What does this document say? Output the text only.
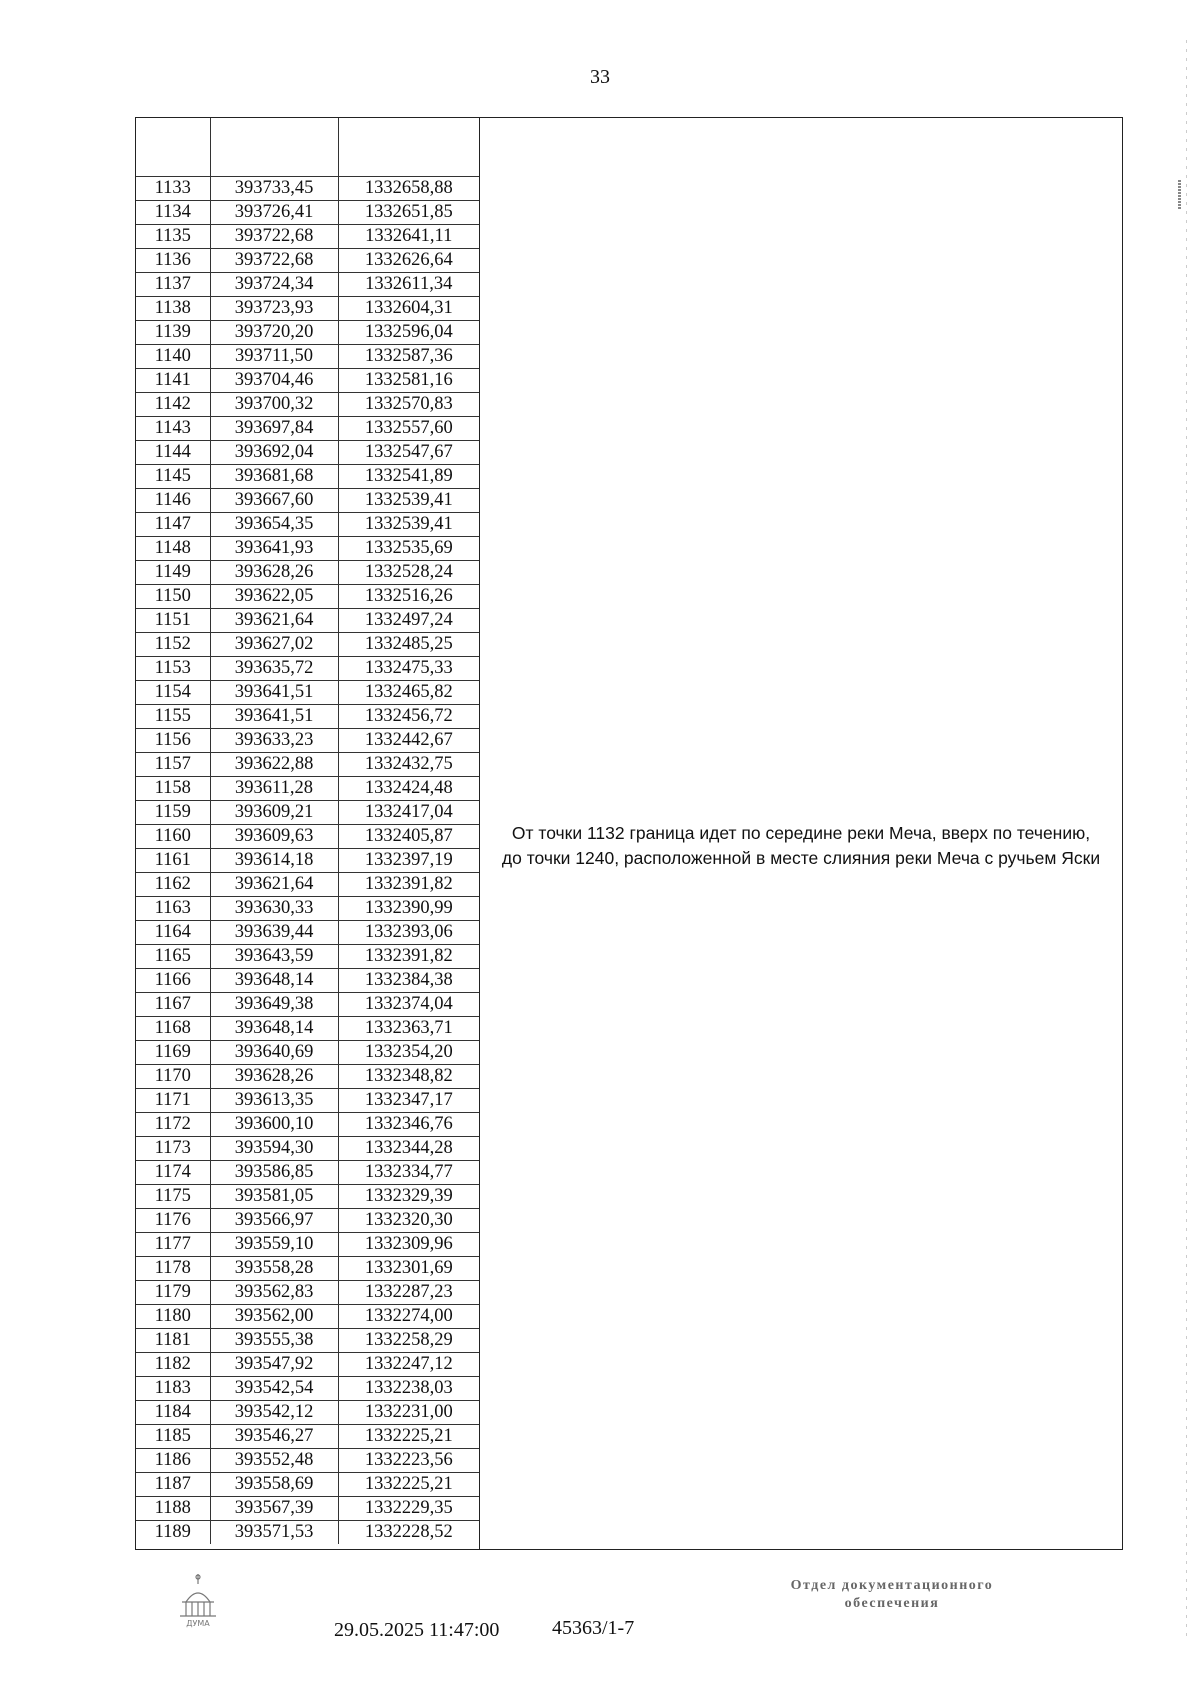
33

1133	393733,45	1332658,88
1134	393726,41	1332651,85
1135	393722,68	1332641,11
1136	393722,68	1332626,64
1137	393724,34	1332611,34
1138	393723,93	1332604,31
1139	393720,20	1332596,04
1140	393711,50	1332587,36
1141	393704,46	1332581,16
1142	393700,32	1332570,83
1143	393697,84	1332557,60
1144	393692,04	1332547,67
1145	393681,68	1332541,89
1146	393667,60	1332539,41
1147	393654,35	1332539,41
1148	393641,93	1332535,69
1149	393628,26	1332528,24
1150	393622,05	1332516,26
1151	393621,64	1332497,24
1152	393627,02	1332485,25
1153	393635,72	1332475,33
1154	393641,51	1332465,82
1155	393641,51	1332456,72
1156	393633,23	1332442,67
1157	393622,88	1332432,75
1158	393611,28	1332424,48
1159	393609,21	1332417,04
1160	393609,63	1332405,87
1161	393614,18	1332397,19
1162	393621,64	1332391,82
1163	393630,33	1332390,99
1164	393639,44	1332393,06
1165	393643,59	1332391,82
1166	393648,14	1332384,38
1167	393649,38	1332374,04
1168	393648,14	1332363,71
1169	393640,69	1332354,20
1170	393628,26	1332348,82
1171	393613,35	1332347,17
1172	393600,10	1332346,76
1173	393594,30	1332344,28
1174	393586,85	1332334,77
1175	393581,05	1332329,39
1176	393566,97	1332320,30
1177	393559,10	1332309,96
1178	393558,28	1332301,69
1179	393562,83	1332287,23
1180	393562,00	1332274,00
1181	393555,38	1332258,29
1182	393547,92	1332247,12
1183	393542,54	1332238,03
1184	393542,12	1332231,00
1185	393546,27	1332225,21
1186	393552,48	1332223,56
1187	393558,69	1332225,21
1188	393567,39	1332229,35
1189	393571,53	1332228,52

От точки 1132 граница идет по середине реки Меча, вверх по течению, до точки 1240, расположенной в месте слияния реки Меча с ручьем Яски

ДУМА	29.05.2025 11:47:00	45363/1-7
Отдел документационного
обеспечения
